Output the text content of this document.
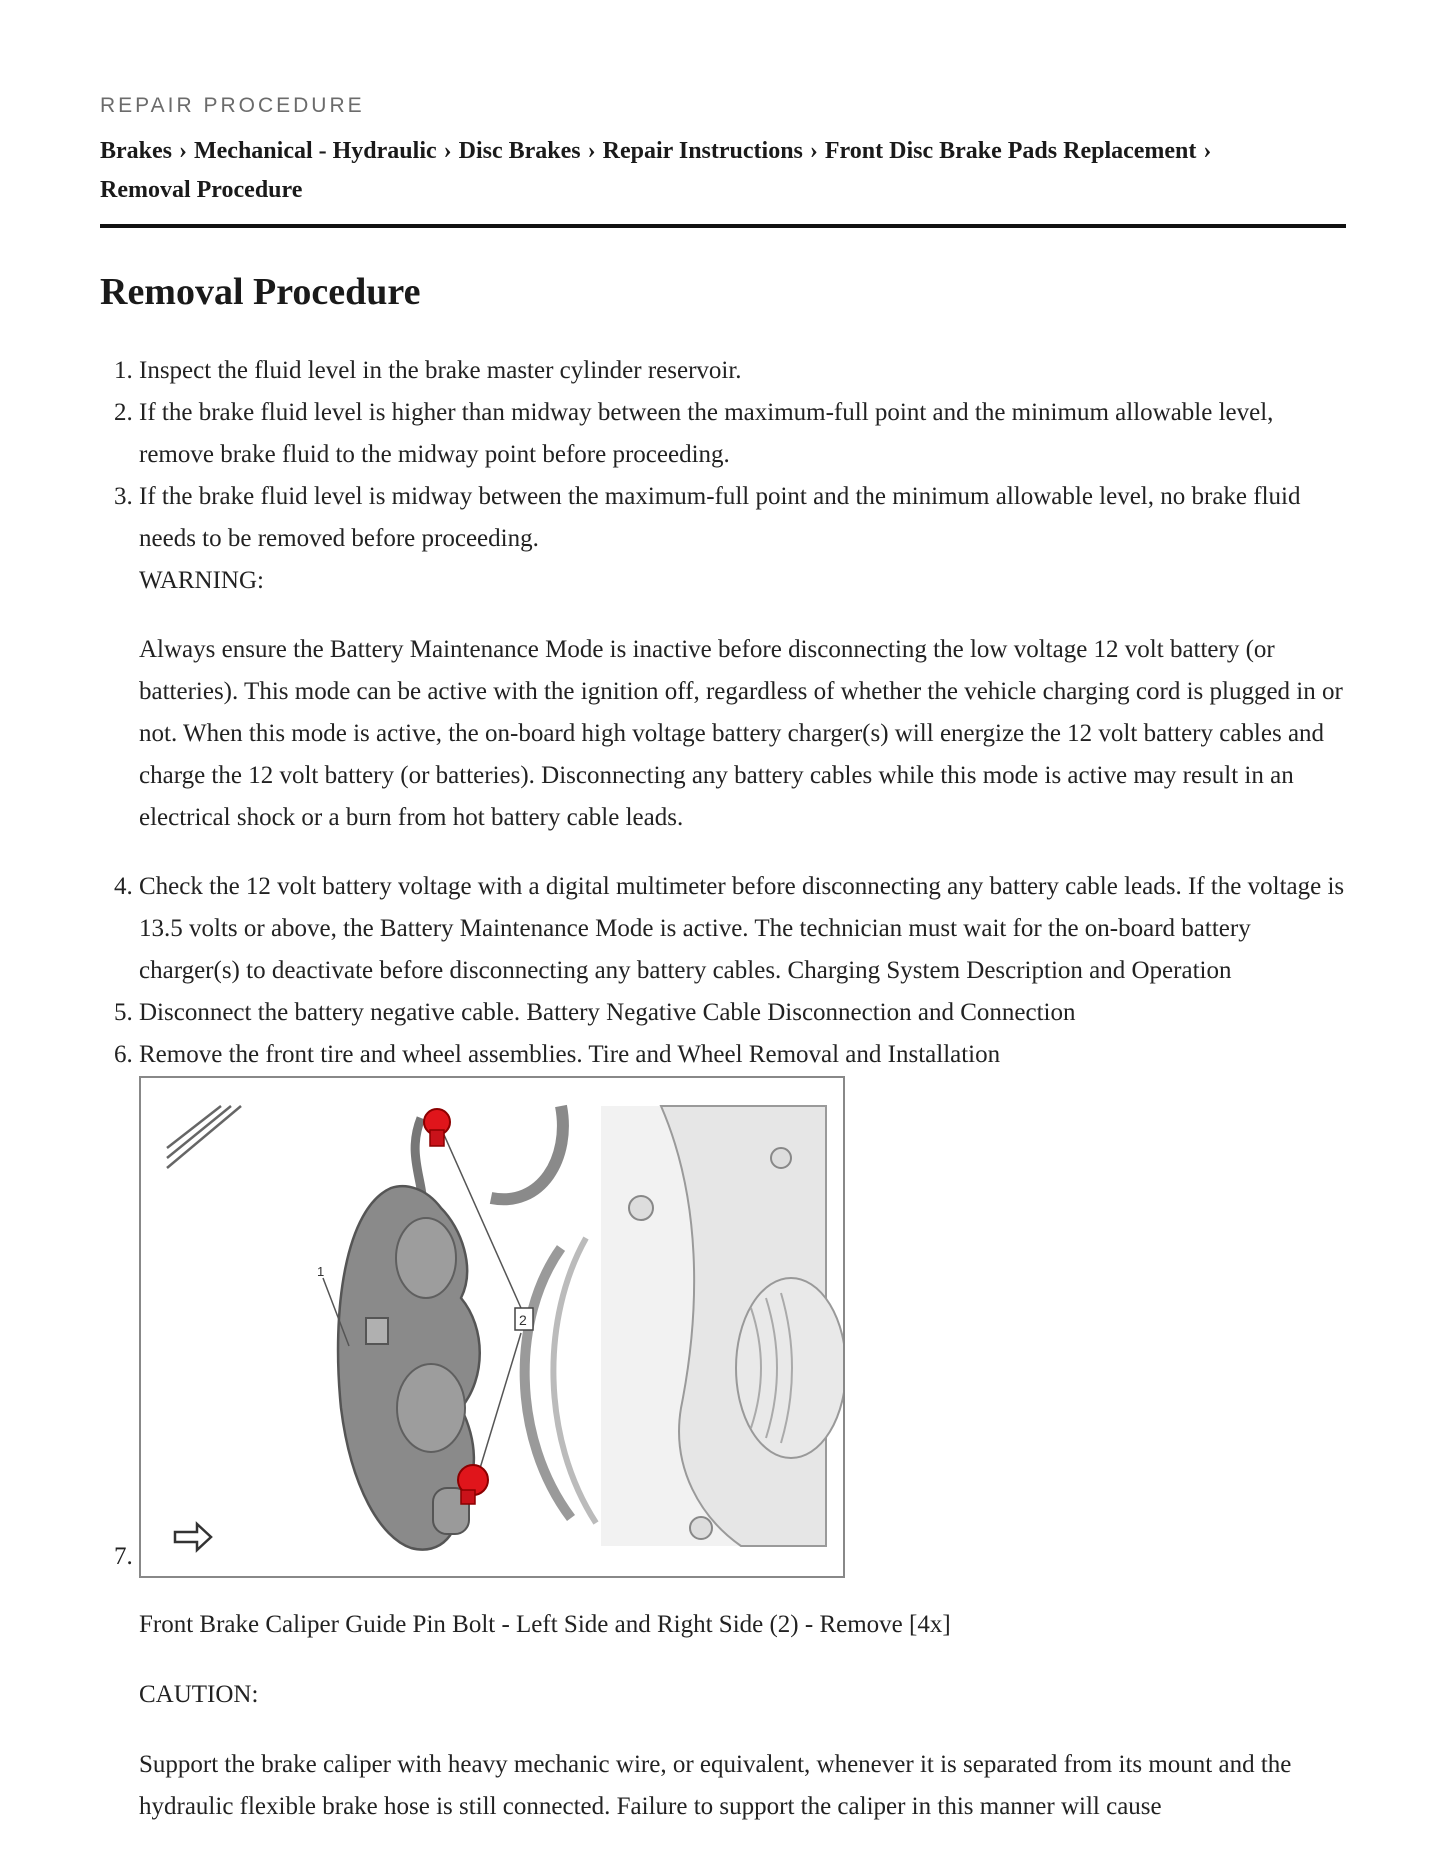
REPAIR PROCEDURE
Brakes › Mechanical - Hydraulic › Disc Brakes › Repair Instructions › Front Disc Brake Pads Replacement ›
Removal Procedure
Removal Procedure
1. Inspect the fluid level in the brake master cylinder reservoir.
2. If the brake fluid level is higher than midway between the maximum-full point and the minimum allowable level, remove brake fluid to the midway point before proceeding.
3. If the brake fluid level is midway between the maximum-full point and the minimum allowable level, no brake fluid needs to be removed before proceeding.
WARNING:
Always ensure the Battery Maintenance Mode is inactive before disconnecting the low voltage 12 volt battery (or batteries). This mode can be active with the ignition off, regardless of whether the vehicle charging cord is plugged in or not. When this mode is active, the on-board high voltage battery charger(s) will energize the 12 volt battery cables and charge the 12 volt battery (or batteries). Disconnecting any battery cables while this mode is active may result in an electrical shock or a burn from hot battery cable leads.
4. Check the 12 volt battery voltage with a digital multimeter before disconnecting any battery cable leads. If the voltage is 13.5 volts or above, the Battery Maintenance Mode is active. The technician must wait for the on-board battery charger(s) to deactivate before disconnecting any battery cables. Charging System Description and Operation
5. Disconnect the battery negative cable. Battery Negative Cable Disconnection and Connection
6. Remove the front tire and wheel assemblies. Tire and Wheel Removal and Installation
7. 1
2
Front Brake Caliper Guide Pin Bolt - Left Side and Right Side (2) - Remove [4x]
CAUTION:
Support the brake caliper with heavy mechanic wire, or equivalent, whenever it is separated from its mount and the hydraulic flexible brake hose is still connected. Failure to support the caliper in this manner will cause
